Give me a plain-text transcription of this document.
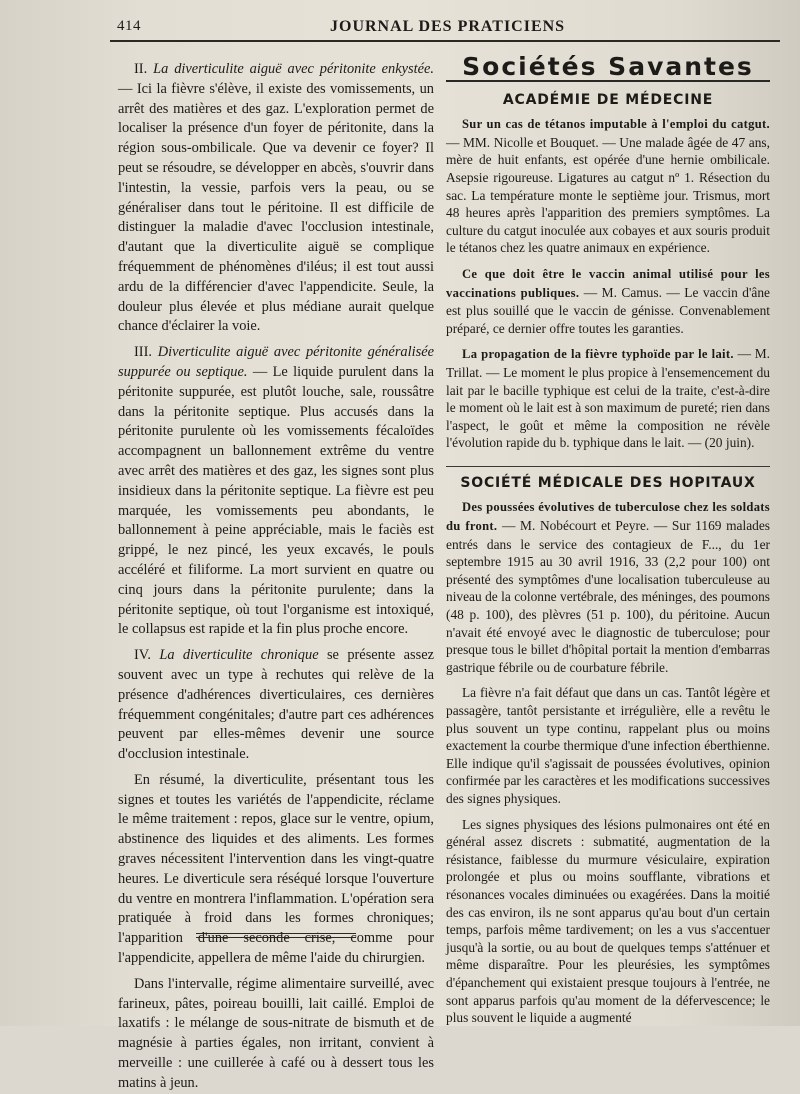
414	JOURNAL DES PRATICIENS

II. La diverticulite aiguë avec péritonite enkystée. — Ici la fièvre s'élève, il existe des vomissements, un arrêt des matières et des gaz. L'exploration permet de localiser la présence d'un foyer de péritonite, dans la région sous-ombilicale. Que va devenir ce foyer? Il peut se résoudre, se développer en abcès, s'ouvrir dans l'intestin, la vessie, parfois vers la peau, ou se généraliser dans tout le péritoine. Il est difficile de distinguer la maladie d'avec l'occlusion intestinale, d'autant que la diverticulite aiguë se complique fréquemment de phénomènes d'iléus; il est tout aussi ardu de la différencier d'avec l'appendicite. Seule, la douleur plus élevée et plus médiane aurait quelque chance d'éclairer la voie.

III. Diverticulite aiguë avec péritonite généralisée suppurée ou septique. — Le liquide purulent dans la péritonite suppurée, est plutôt louche, sale, roussâtre dans la péritonite septique. Plus accusés dans la péritonite purulente où les vomissements fécaloïdes accompagnent un ballonnement extrême du ventre avec arrêt des matières et des gaz, les signes sont plus insidieux dans la péritonite septique. La fièvre est peu marquée, les vomissements peu abondants, le ballonnement à peine appréciable, mais le faciès est grippé, le nez pincé, les yeux excavés, le pouls accéléré et filiforme. La mort survient en quatre ou cinq jours dans la péritonite purulente; dans la péritonite septique, où tout l'organisme est intoxiqué, le collapsus est rapide et la fin plus proche encore.

IV. La diverticulite chronique se présente assez souvent avec un type à rechutes qui relève de la présence d'adhérences diverticulaires, ces dernières fréquemment congénitales; d'autre part ces adhérences peuvent par elles-mêmes devenir une source d'occlusion intestinale.

En résumé, la diverticulite, présentant tous les signes et toutes les variétés de l'appendicite, réclame le même traitement : repos, glace sur le ventre, opium, abstinence des liquides et des aliments. Les formes graves nécessitent l'intervention dans les vingt-quatre heures. Le diverticule sera réséqué lorsque l'ouverture du ventre en montrera l'inflammation. L'opération sera pratiquée à froid dans les formes chroniques; l'apparition d'une seconde crise, comme pour l'appendicite, appellera de même l'aide du chirurgien.

Dans l'intervalle, régime alimentaire surveillé, avec farineux, pâtes, poireau bouilli, lait caillé. Emploi de laxatifs : le mélange de sous-nitrate de bismuth et de magnésie à parties égales, non irritant, convient à merveille : une cuillerée à café ou à dessert tous les matins à jeun.

Sociétés Savantes
ACADÉMIE DE MÉDECINE

Sur un cas de tétanos imputable à l'emploi du catgut. — MM. Nicolle et Bouquet. — Une malade âgée de 47 ans, mère de huit enfants, est opérée d'une hernie ombilicale. Asepsie rigoureuse. Ligatures au catgut nº 1. Résection du sac. La température monte le septième jour. Trismus, mort 48 heures après l'apparition des premiers symptômes. La culture du catgut inoculée aux cobayes et aux souris produit le tétanos chez les quatre animaux en expérience.

Ce que doit être le vaccin animal utilisé pour les vaccinations publiques. — M. Camus. — Le vaccin d'âne est plus souillé que le vaccin de génisse. Convenablement préparé, ce dernier offre toutes les garanties.

La propagation de la fièvre typhoïde par le lait. — M. Trillat. — Le moment le plus propice à l'ensemencement du lait par le bacille typhique est celui de la traite, c'est-à-dire le moment où le lait est à son maximum de pureté; rien dans l'aspect, le goût et même la composition ne révèle l'évolution rapide du b. typhique dans le lait. — (20 juin).

SOCIÉTÉ MÉDICALE DES HOPITAUX

Des poussées évolutives de tuberculose chez les soldats du front. — M. Nobécourt et Peyre. — Sur 1169 malades entrés dans le service des contagieux de F..., du 1er septembre 1915 au 30 avril 1916, 33 (2,2 pour 100) ont présenté des symptômes d'une localisation tuberculeuse au niveau de la colonne vertébrale, des méninges, des poumons (48 p. 100), des plèvres (51 p. 100), du péritoine. Aucun n'avait été envoyé avec le diagnostic de tuberculose; pour presque tous le billet d'hôpital portait la mention d'embarras gastrique fébrile ou de courbature fébrile.

La fièvre n'a fait défaut que dans un cas. Tantôt légère et passagère, tantôt persistante et irrégulière, elle a revêtu le plus souvent un type continu, rappelant plus ou moins exactement la courbe thermique d'une infection éberthienne. Elle indique qu'il s'agissait de poussées évolutives, opinion confirmée par les caractères et les modifications successives des signes physiques.

Les signes physiques des lésions pulmonaires ont été en général assez discrets : submatité, augmentation de la résistance, faiblesse du murmure vésiculaire, expiration prolongée et plus ou moins soufflante, vibrations et résonances vocales diminuées ou exagérées. Dans la moitié des cas environ, ils ne sont apparus qu'au bout d'un certain temps, parfois même tardivement; on les a vus s'accentuer jusqu'à la sortie, ou au bout de quelques temps s'atténuer et même disparaître. Pour les pleurésies, les symptômes d'épanchement qui existaient presque toujours à l'entrée, ne sont apparus parfois qu'au moment de la défervescence; le plus souvent le liquide a augmenté
